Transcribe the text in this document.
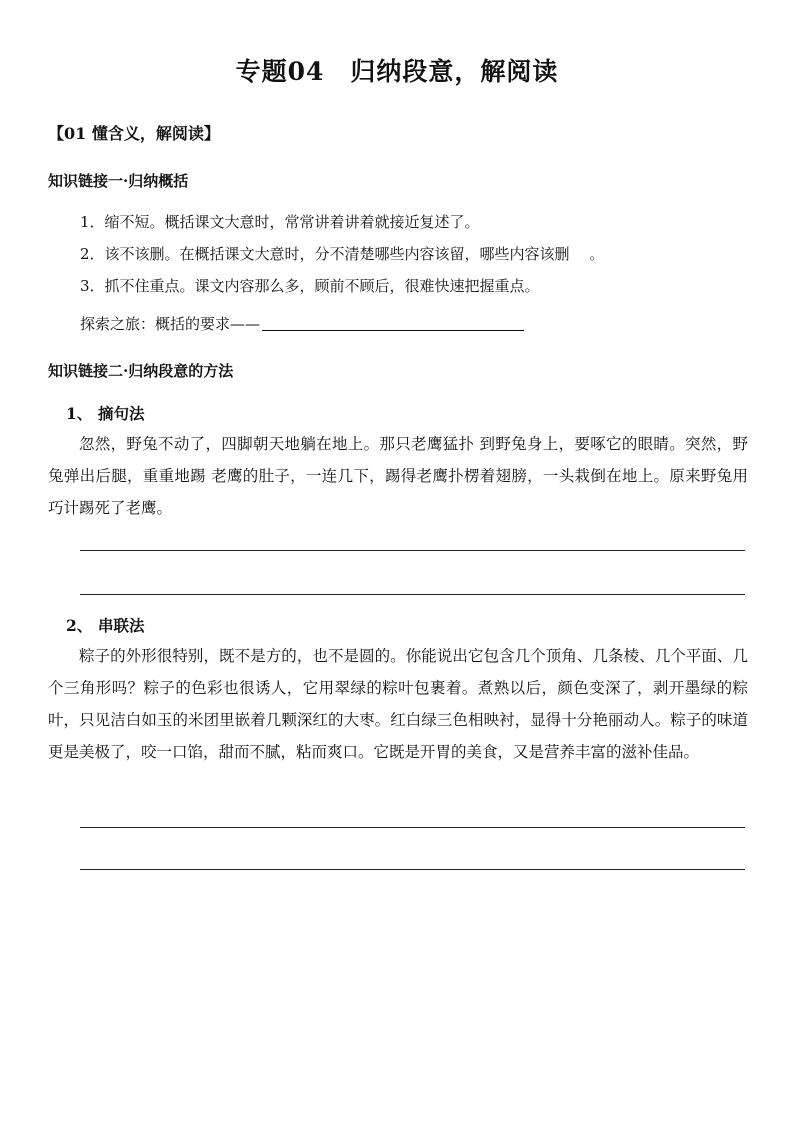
专题04　归纳段意，解阅读
【01 懂含义，解阅读】
知识链接一·归纳概括
1．缩不短。概括课文大意时，常常讲着讲着就接近复述了。
2．该不该删。在概括课文大意时，分不清楚哪些内容该留，哪些内容该删　 。
3．抓不住重点。课文内容那么多，顾前不顾后，很难快速把握重点。
探索之旅：概括的要求——
知识链接二·归纳段意的方法
1、 摘句法
忽然，野兔不动了，四脚朝天地躺在地上。那只老鹰猛扑 到野兔身上，要啄它的眼睛。突然，野兔弹出后腿，重重地踢 老鹰的肚子，一连几下，踢得老鹰扑楞着翅膀，一头栽倒在地上。原来野兔用巧计踢死了老鹰。
2、 串联法
粽子的外形很特别，既不是方的，也不是圆的。你能说出它包含几个顶角、几条棱、几个平面、几个三角形吗？粽子的色彩也很诱人，它用翠绿的粽叶包裹着。煮熟以后，颜色变深了，剥开墨绿的粽叶，只见洁白如玉的米团里嵌着几颗深红的大枣。红白绿三色相映衬，显得十分艳丽动人。粽子的味道更是美极了，咬一口馅，甜而不腻，粘而爽口。它既是开胃的美食，又是营养丰富的滋补佳品。
